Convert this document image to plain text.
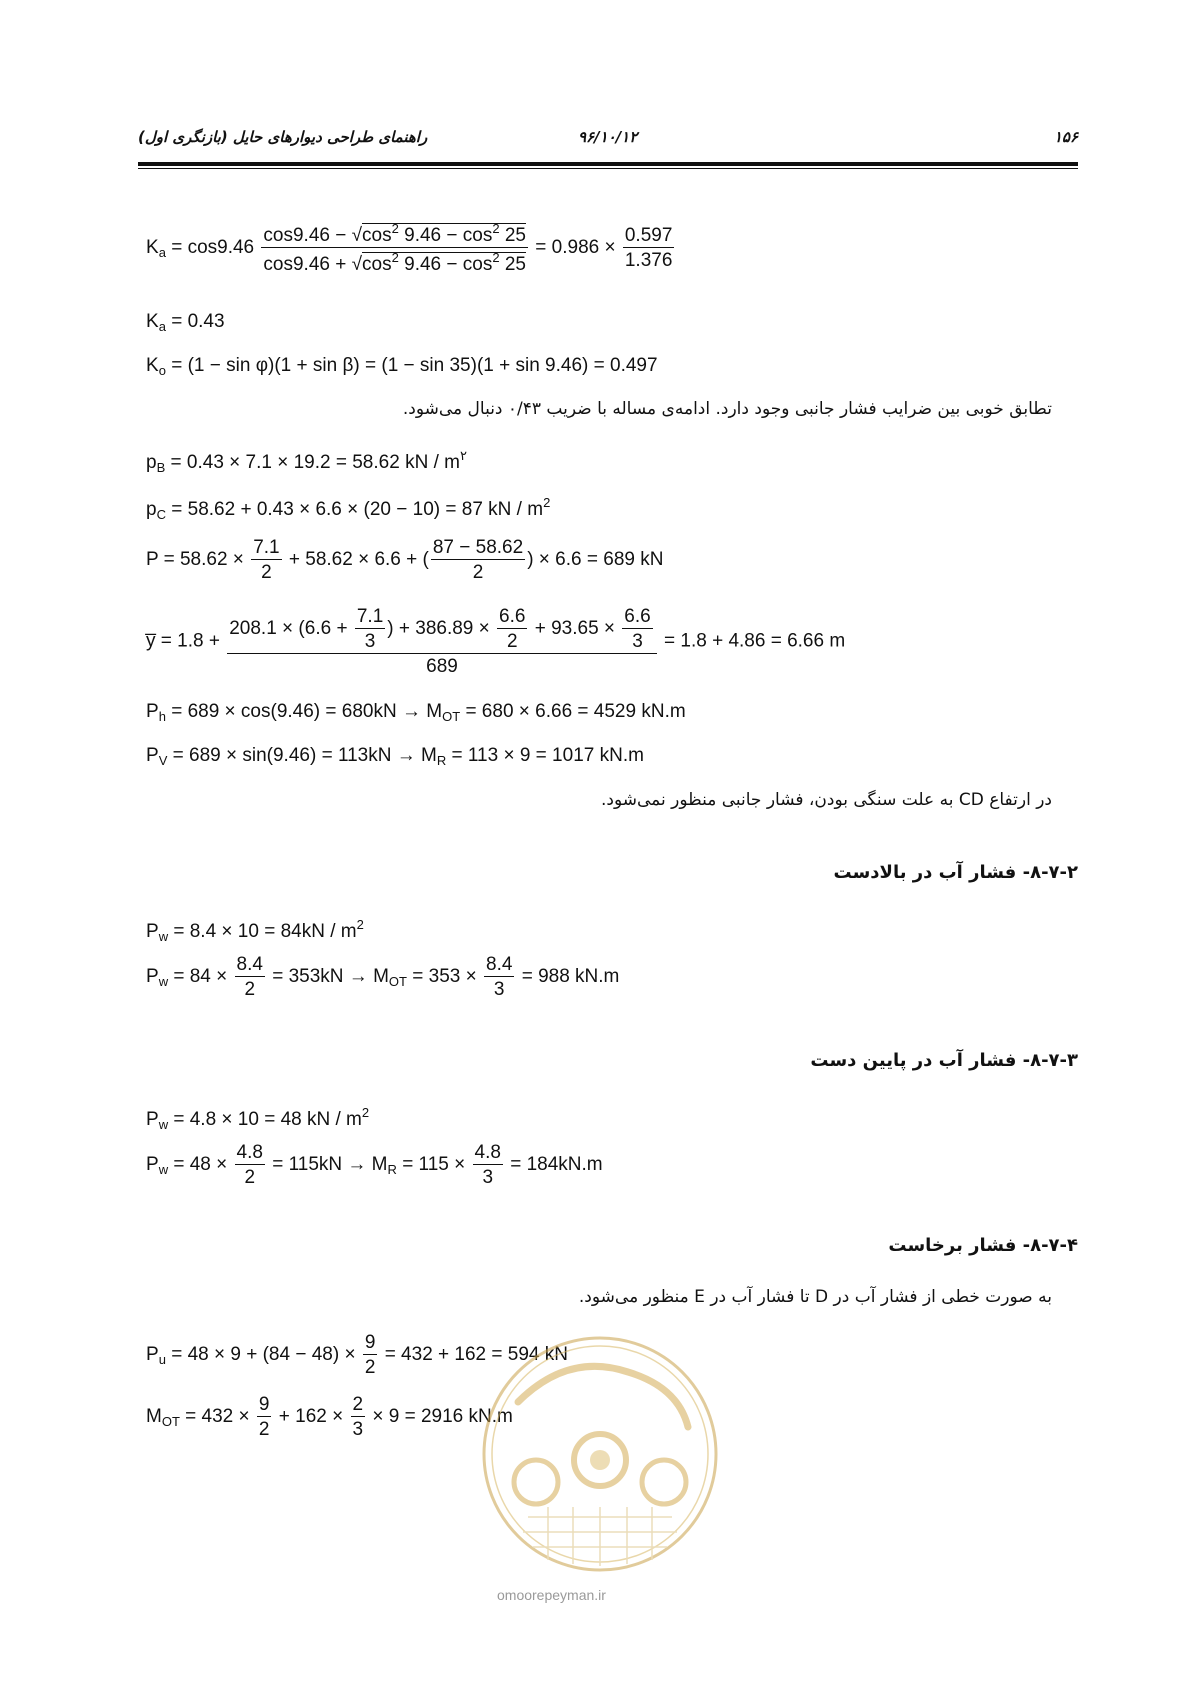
راهنمای طراحی دیوارهای حایل (بازنگری اول)	۹۶/۱۰/۱۲	۱۵۶
$K_a = \cos 9.46 \frac{\cos 9.46 - √\cos^2 9.46 - \cos^2 25}{\cos 9.46 + √\cos^2 9.46 - \cos^2 25} = 0.986 \times \frac{0.597}{1.376}$
$K_a = 0.43$
$K_o = (1 - \sin \varphi)(1 + \sin \beta) = (1 - \sin 35)(1 + \sin 9.46) = 0.497$
تطابق خوبی بین ضرایب فشار جانبی وجود دارد. ادامه‌ی مساله با ضریب ۰/۴۳ دنبال می‌شود.
$p_B = 0.43 \times 7.1 \times 19.2 = 58.62$ kN / $m^۲$
$p_C = 58.62 + 0.43 \times 6.6 \times (20 - 10) = 87$ kN / $m^2$
$P = 58.62 \times \frac{7.1}{2} + 58.62 \times 6.6$ + ( $\frac{87 - 58.62}{2}$ ) × 6.6 = 689 kN
y̅ = $1.8 + \frac{208.1 \times (6.6 + \frac{7.1}{3} ) + 386.89 \times \frac{6.6}{2} + 93.65 \times \frac{6.6}{3}}{689} = 1.8 + 4.86 = 6.66$ m
$P_h = 689 \times \cos(9.46) = 680kN \to M_{OT} = 680 \times 6.66 = 4529$ kN.m
$P_V = 689 \times \sin(9.46) = 113kN \to M_R = 113 \times 9 = 1017$ kN.m
در ارتفاع CD به علت سنگی بودن، فشار جانبی منظور نمی‌شود.
۸-۷-۲- فشار آب در بالادست
$P_w = 8.4 \times 10 = 84kN / m^2$
$P_w = 84 \times \frac{8.4}{2} = 353kN \to M_{OT} = 353 \times \frac{8.4}{3} = 988$ kN.m
۸-۷-۳- فشار آب در پایین دست
$P_w = 4.8 \times 10 = 48$ kN / $m^2$
$P_w = 48 \times \frac{4.8}{2} = 115kN \to M_R = 115 \times \frac{4.8}{3} = 184kN.m$
۸-۷-۴- فشار برخاست
به صورت خطی از فشار آب در D تا فشار آب در E منظور می‌شود.
$P_u = 48 \times 9 + (84 - 48) \times \frac{9}{2} = 432 + 162 = 594$ kN
$M_{OT} = 432 \times \frac{9}{2} + 162 \times \frac{2}{3} \times 9 = 2916$ kN.m
omoorepeyman.ir
